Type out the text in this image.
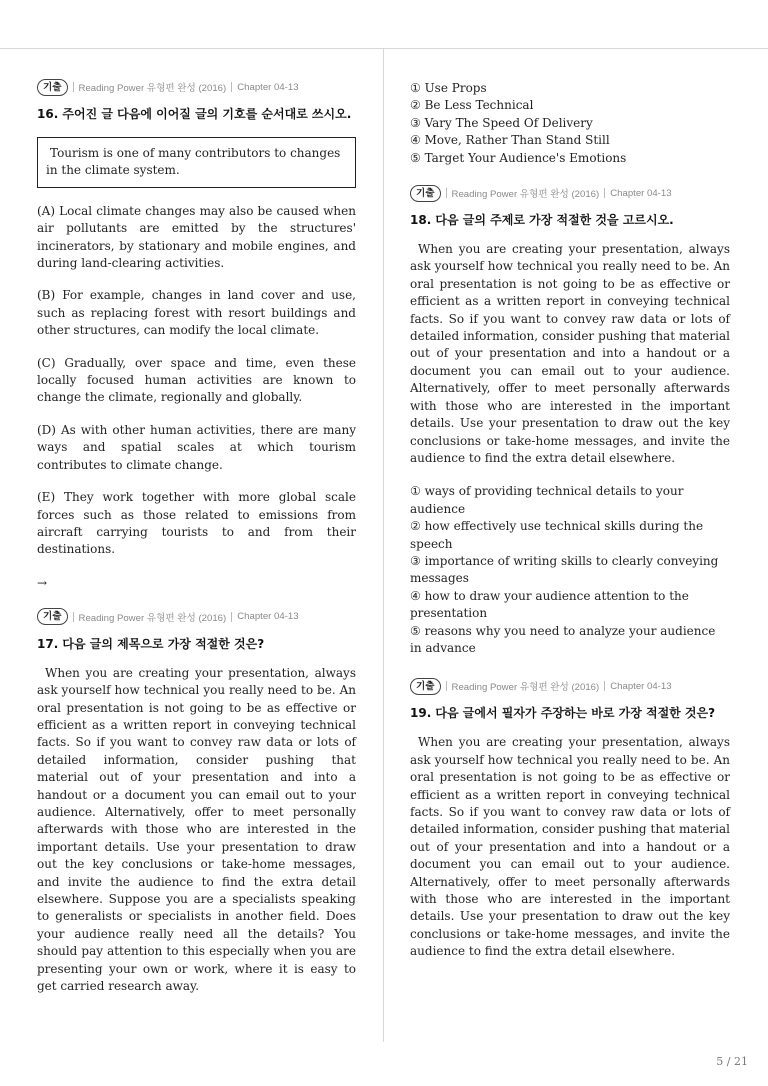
기출	Reading Power 유형편 완성 (2016) Chapter 04-13
16. 주어진 글 다음에 이어질 글의 기호를 순서대로 쓰시오.

Tourism is one of many contributors to changes in the climate system.

(A) Local climate changes may also be caused when air pollutants are emitted by the structures' incinerators, by stationary and mobile engines, and during land-clearing activities.

(B) For example, changes in land cover and use, such as replacing forest with resort buildings and other structures, can modify the local climate.

(C) Gradually, over space and time, even these locally focused human activities are known to change the climate, regionally and globally.

(D) As with other human activities, there are many ways and spatial scales at which tourism contributes to climate change.

(E) They work together with more global scale forces such as those related to emissions from aircraft carrying tourists to and from their destinations.

→
기출	Reading Power 유형편 완성 (2016) Chapter 04-13
17. 다음 글의 제목으로 가장 적절한 것은?

When you are creating your presentation, always ask yourself how technical you really need to be. An oral presentation is not going to be as effective or efficient as a written report in conveying technical facts. So if you want to convey raw data or lots of detailed information, consider pushing that material out of your presentation and into a handout or a document you can email out to your audience. Alternatively, offer to meet personally afterwards with those who are interested in the important details. Use your presentation to draw out the key conclusions or take-home messages, and invite the audience to find the extra detail elsewhere. Suppose you are a specialists speaking to generalists or specialists in another field. Does your audience really need all the details? You should pay attention to this especially when you are presenting your own or work, where it is easy to get carried research away.

① Use Props
② Be Less Technical
③ Vary The Speed Of Delivery
④ Move, Rather Than Stand Still
⑤ Target Your Audience's Emotions
기출	Reading Power 유형편 완성 (2016) Chapter 04-13
18. 다음 글의 주제로 가장 적절한 것을 고르시오.

When you are creating your presentation, always ask yourself how technical you really need to be. An oral presentation is not going to be as effective or efficient as a written report in conveying technical facts. So if you want to convey raw data or lots of detailed information, consider pushing that material out of your presentation and into a handout or a document you can email out to your audience. Alternatively, offer to meet personally afterwards with those who are interested in the important details. Use your presentation to draw out the key conclusions or take-home messages, and invite the audience to find the extra detail elsewhere.

① ways of providing technical details to your audience
② how effectively use technical skills during the speech
③ importance of writing skills to clearly conveying messages
④ how to draw your audience attention to the presentation
⑤ reasons why you need to analyze your audience in advance
기출	Reading Power 유형편 완성 (2016) Chapter 04-13
19. 다음 글에서 필자가 주장하는 바로 가장 적절한 것은?

When you are creating your presentation, always ask yourself how technical you really need to be. An oral presentation is not going to be as effective or efficient as a written report in conveying technical facts. So if you want to convey raw data or lots of detailed information, consider pushing that material out of your presentation and into a handout or a document you can email out to your audience. Alternatively, offer to meet personally afterwards with those who are interested in the important details. Use your presentation to draw out the key conclusions or take-home messages, and invite the audience to find the extra detail elsewhere.

5 / 21
